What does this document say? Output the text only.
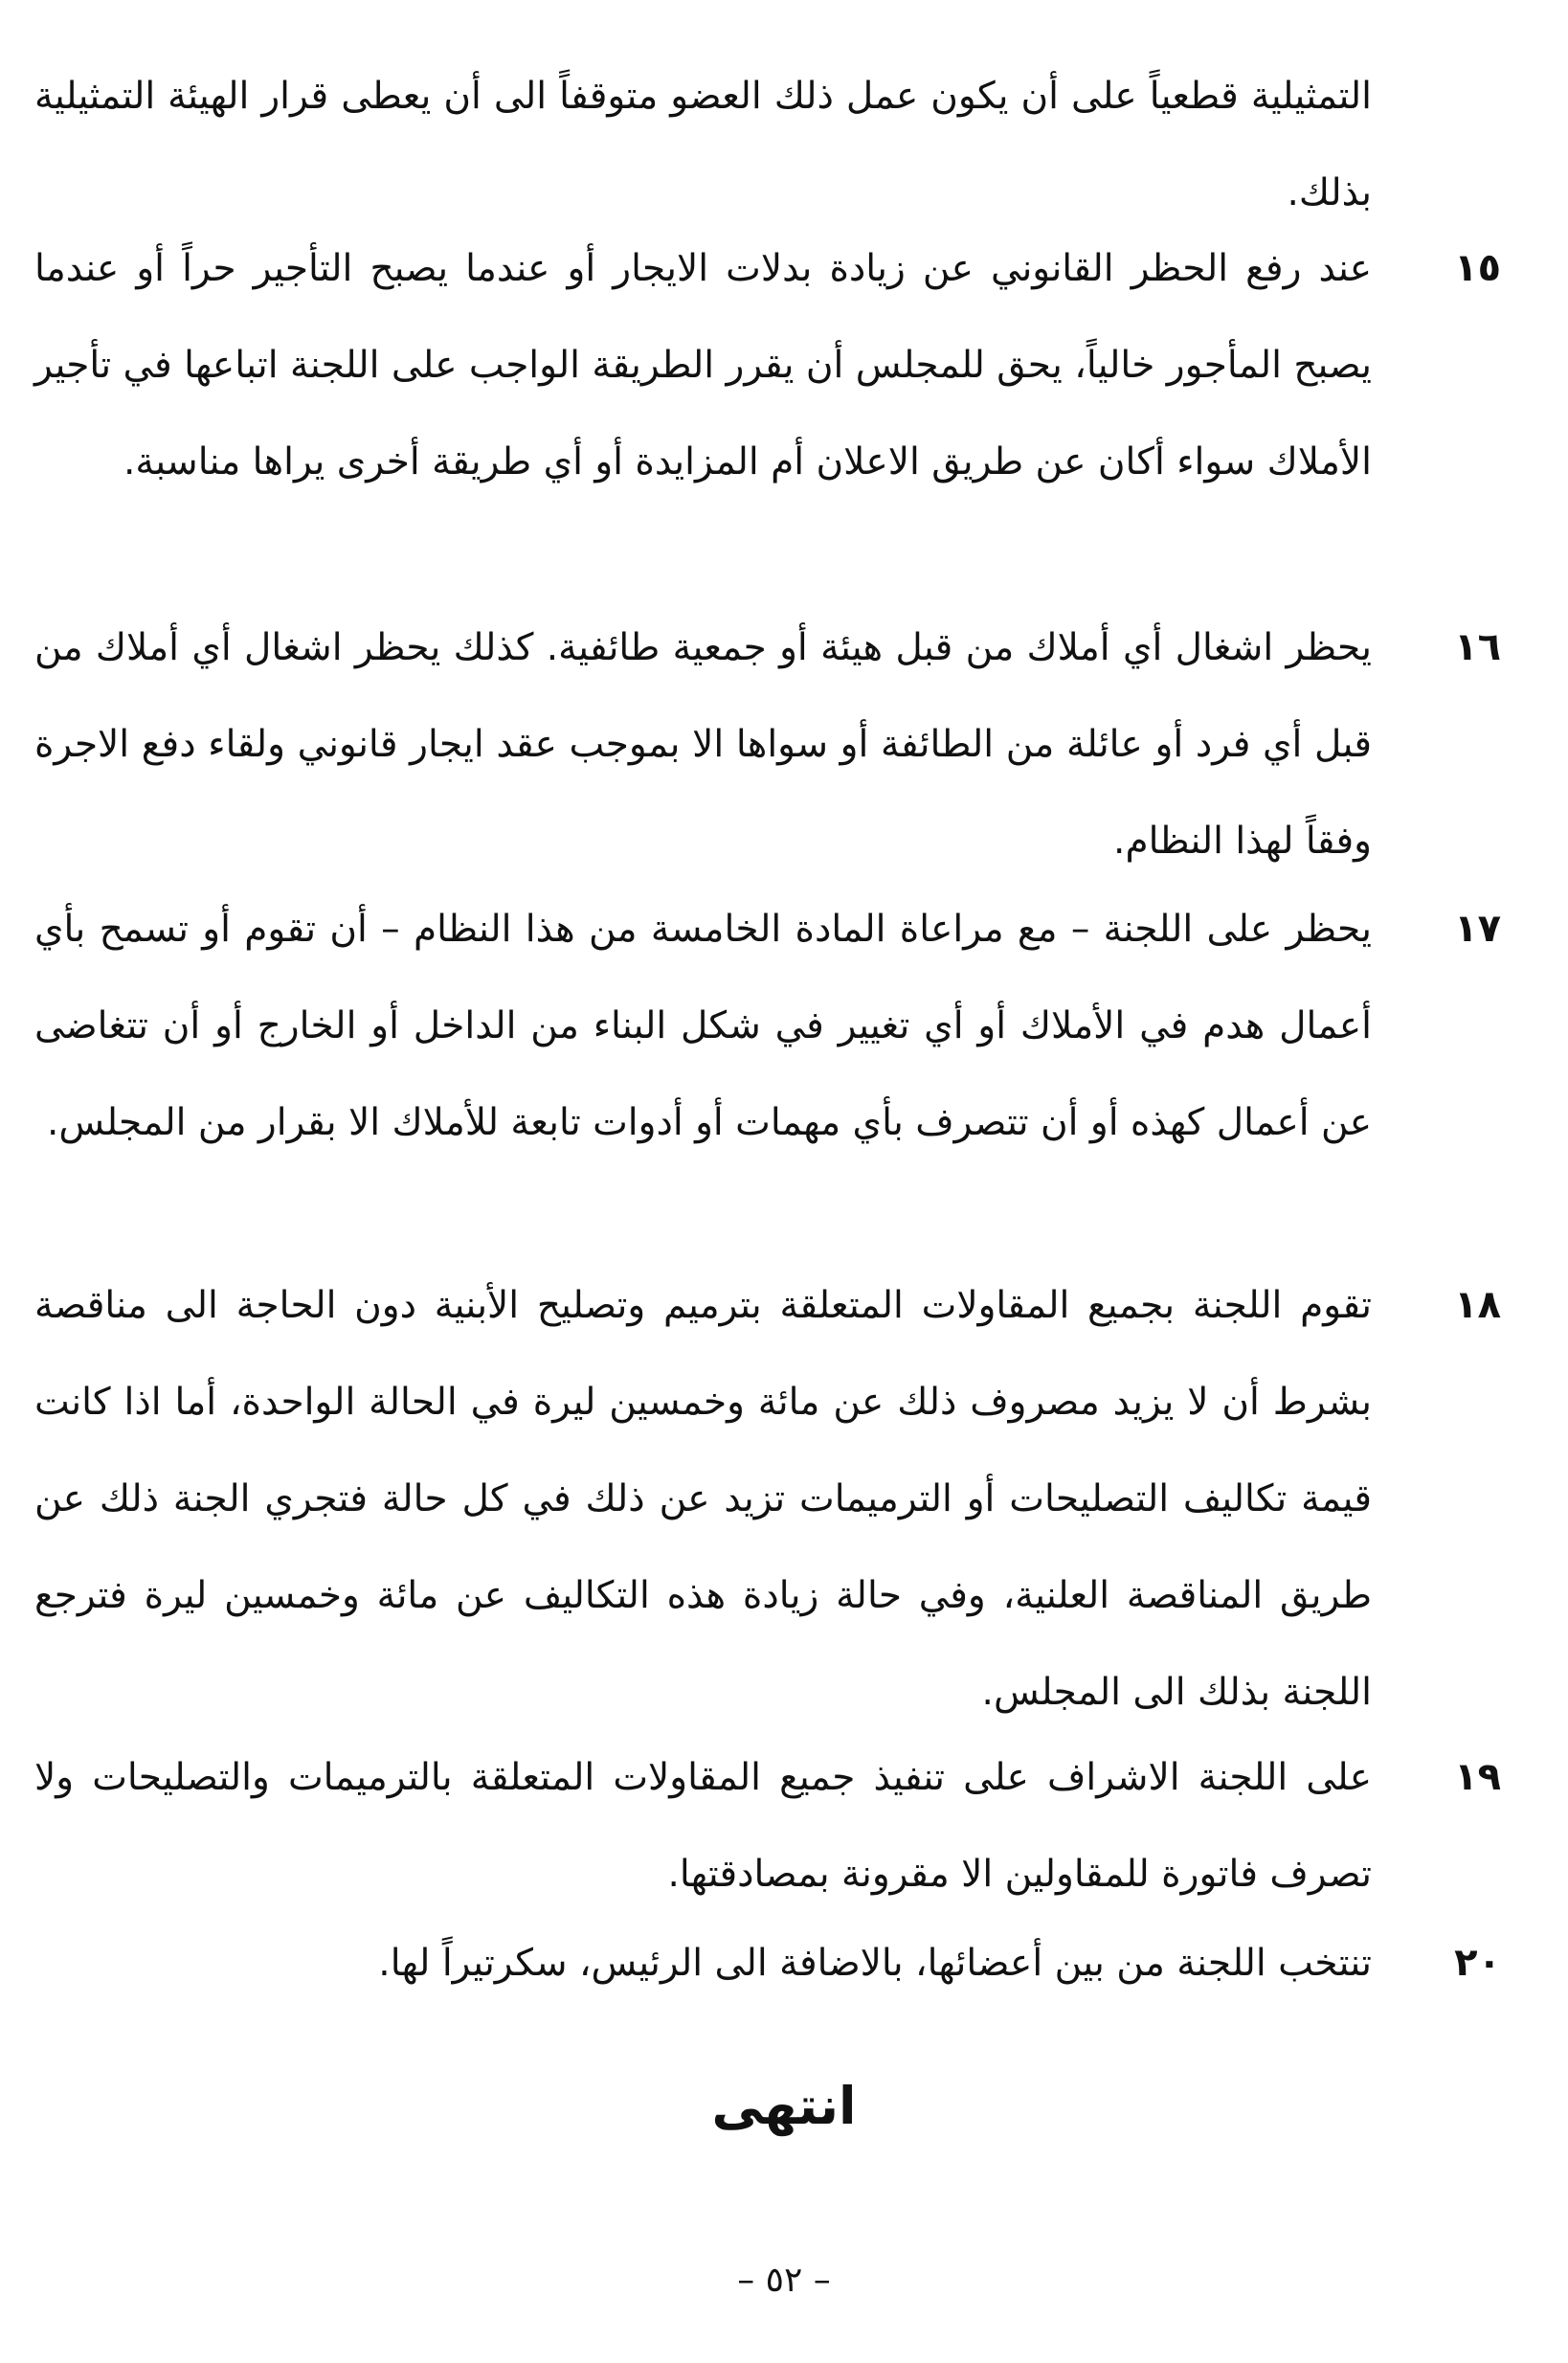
التمثيلية قطعياً على أن يكون عمل ذلك العضو متوقفاً الى أن يعطى قرار الهيئة التمثيلية بذلك.

١٥

عند رفع الحظر القانوني عن زيادة بدلات الايجار أو عندما يصبح التأجير حراً أو عندما يصبح المأجور خالياً، يحق للمجلس أن يقرر الطريقة الواجب على اللجنة اتباعها في تأجير الأملاك سواء أكان عن طريق الاعلان أم المزايدة أو أي طريقة أخرى يراها مناسبة.

١٦

يحظر اشغال أي أملاك من قبل هيئة أو جمعية طائفية. كذلك يحظر اشغال أي أملاك من قبل أي فرد أو عائلة من الطائفة أو سواها الا بموجب عقد ايجار قانوني ولقاء دفع الاجرة وفقاً لهذا النظام.

١٧

يحظر على اللجنة – مع مراعاة المادة الخامسة من هذا النظام – أن تقوم أو تسمح بأي أعمال هدم في الأملاك أو أي تغيير في شكل البناء من الداخل أو الخارج أو أن تتغاضى عن أعمال كهذه أو أن تتصرف بأي مهمات أو أدوات تابعة للأملاك الا بقرار من المجلس.

١٨

تقوم اللجنة بجميع المقاولات المتعلقة بترميم وتصليح الأبنية دون الحاجة الى مناقصة بشرط أن لا يزيد مصروف ذلك عن مائة وخمسين ليرة في الحالة الواحدة، أما اذا كانت قيمة تكاليف التصليحات أو الترميمات تزيد عن ذلك في كل حالة فتجري الجنة ذلك عن طريق المناقصة العلنية، وفي حالة زيادة هذه التكاليف عن مائة وخمسين ليرة فترجع اللجنة بذلك الى المجلس.

١٩

على اللجنة الاشراف على تنفيذ جميع المقاولات المتعلقة بالترميمات والتصليحات ولا تصرف فاتورة للمقاولين الا مقرونة بمصادقتها.

٢٠

تنتخب اللجنة من بين أعضائها، بالاضافة الى الرئيس، سكرتيراً لها.

انتهى
– ٥٢ –
